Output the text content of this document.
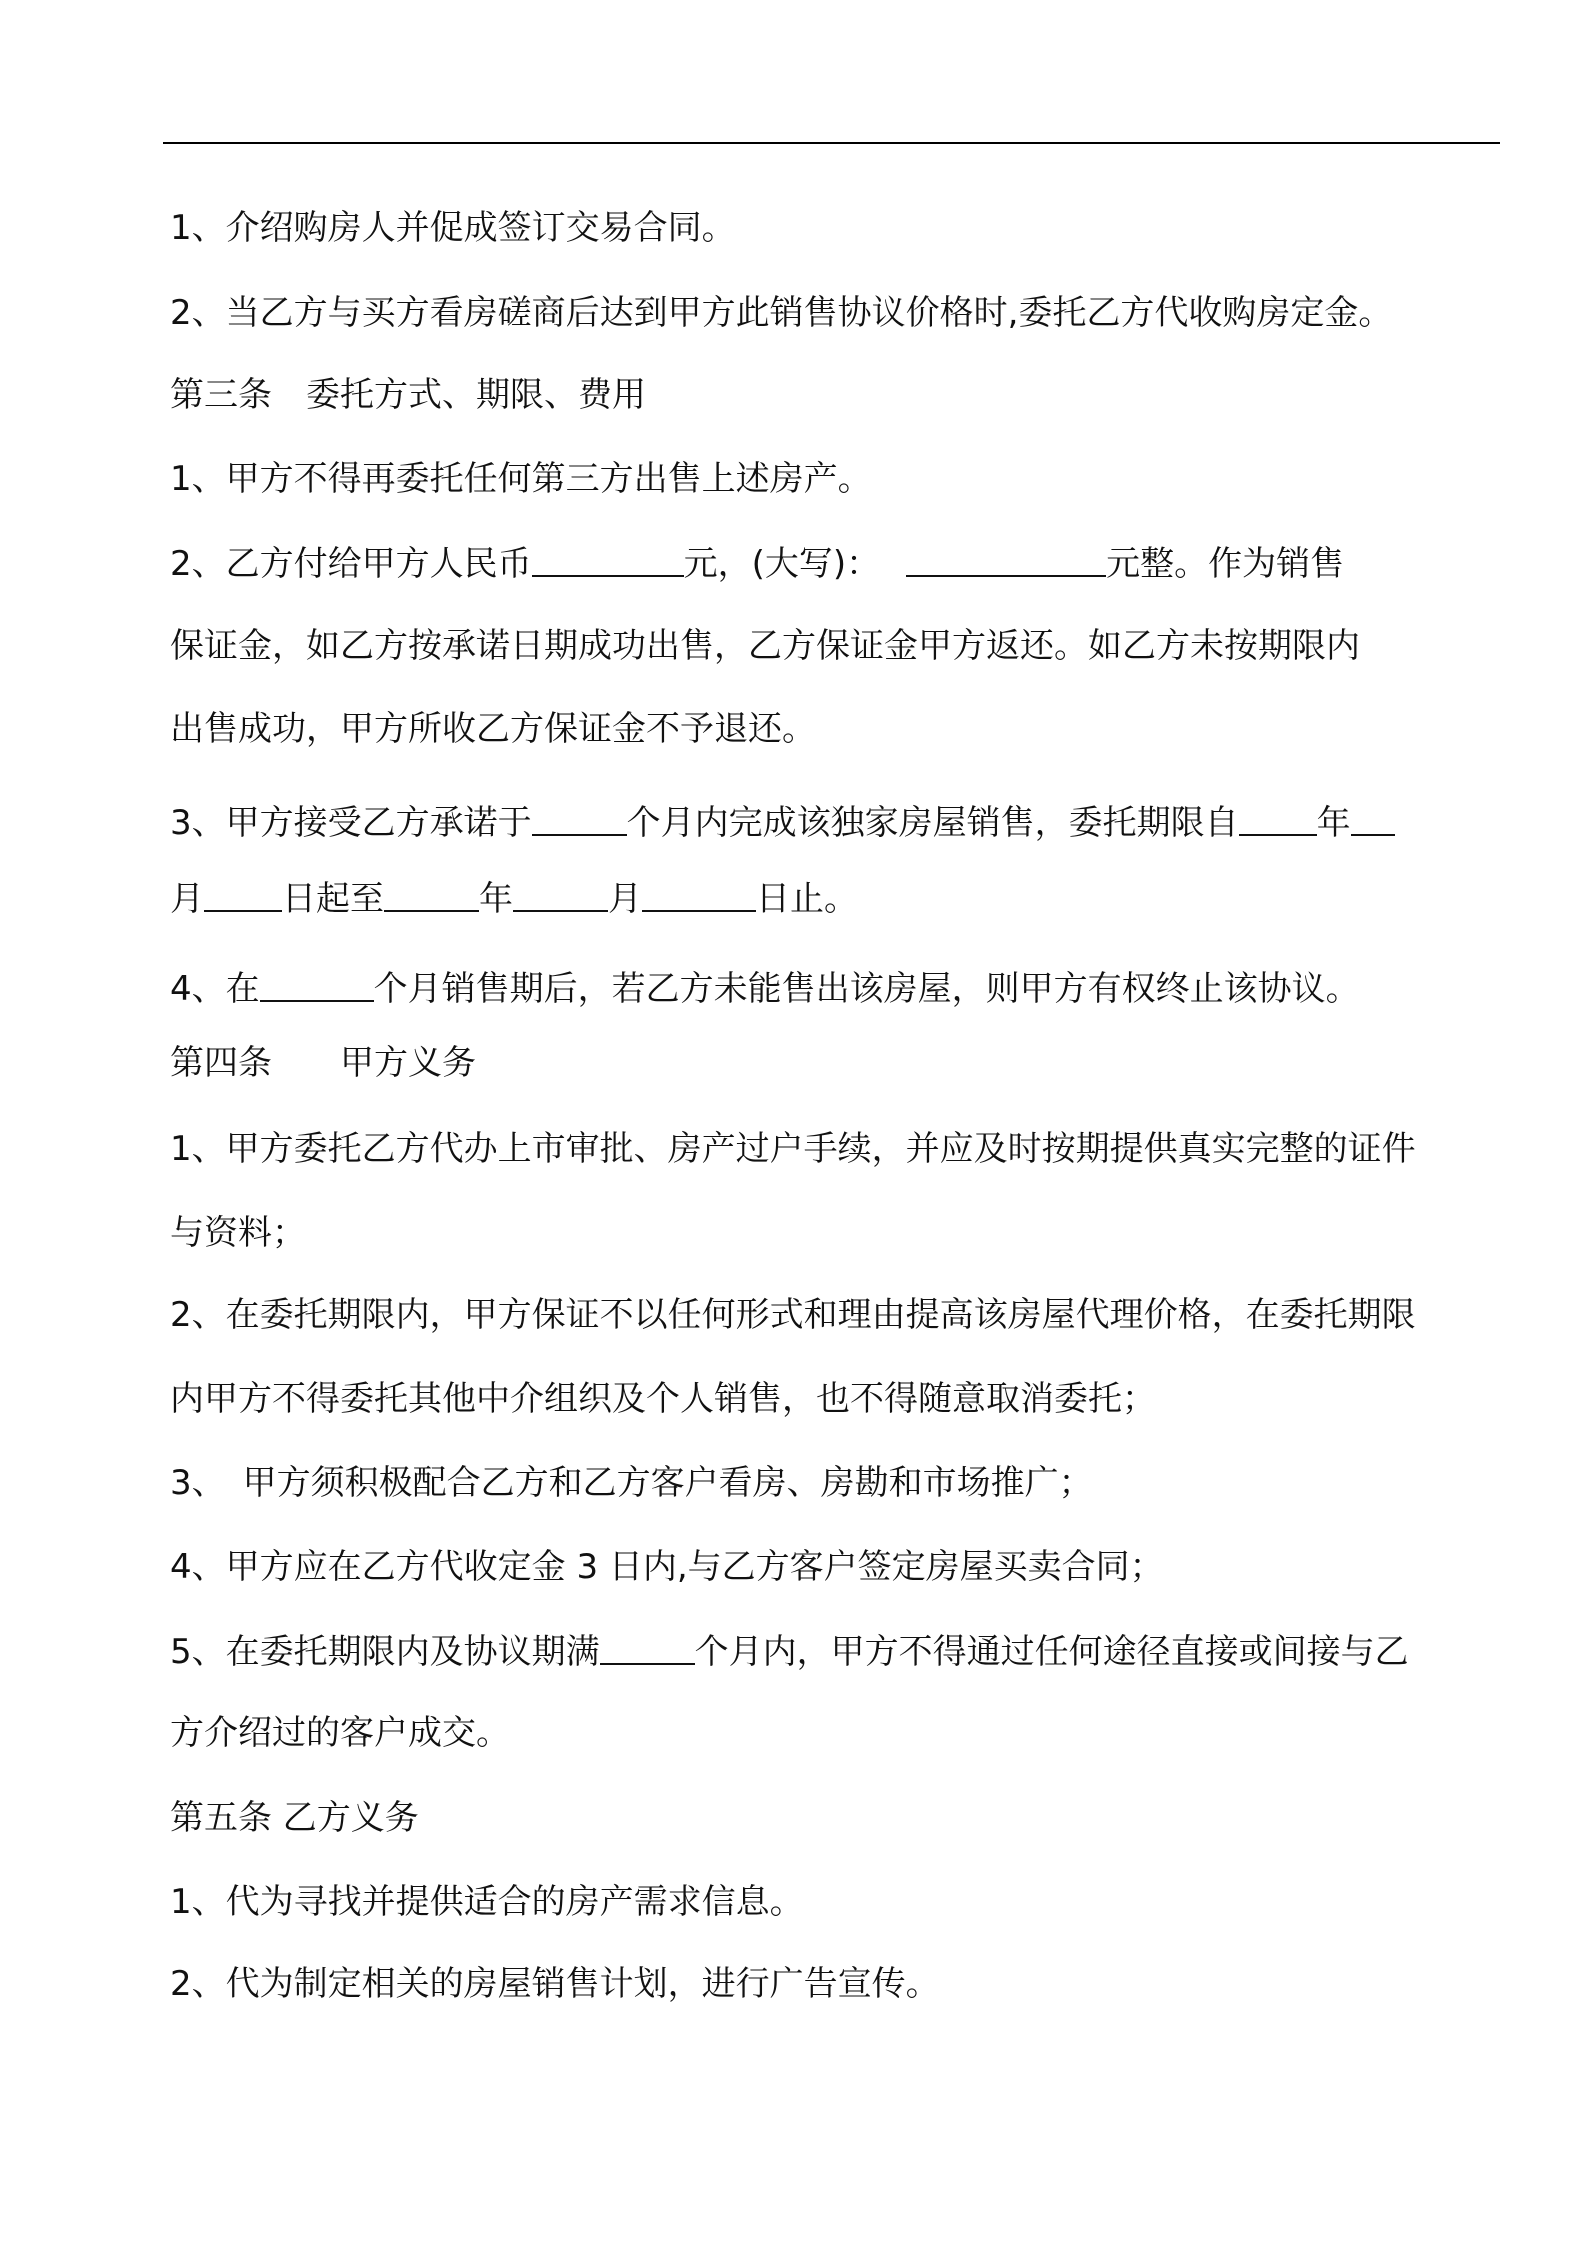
1、介绍购房人并促成签订交易合同。
2、当乙方与买方看房磋商后达到甲方此销售协议价格时,委托乙方代收购房定金。
第三条　委托方式、期限、费用
1、甲方不得再委托任何第三方出售上述房产。
2、乙方付给甲方人民币	元，(大写)：	元整。作为销售
保证金，如乙方按承诺日期成功出售，乙方保证金甲方返还。如乙方未按期限内
出售成功，甲方所收乙方保证金不予退还。
3、甲方接受乙方承诺于	个月内完成该独家房屋销售，委托期限自 年
月 日起至	年	月	日止。
4、在	个月销售期后，若乙方未能售出该房屋，则甲方有权终止该协议。
第四条　　甲方义务
1、甲方委托乙方代办上市审批、房产过户手续，并应及时按期提供真实完整的证件
与资料；
2、在委托期限内，甲方保证不以任何形式和理由提高该房屋代理价格，在委托期限
内甲方不得委托其他中介组织及个人销售，也不得随意取消委托；
3、　甲方须积极配合乙方和乙方客户看房、房勘和市场推广；
4、甲方应在乙方代收定金 3 日内,与乙方客户签定房屋买卖合同；
5、在委托期限内及协议期满	个月内，甲方不得通过任何途径直接或间接与乙
方介绍过的客户成交。
第五条 乙方义务
1、代为寻找并提供适合的房产需求信息。
2、代为制定相关的房屋销售计划，进行广告宣传。
